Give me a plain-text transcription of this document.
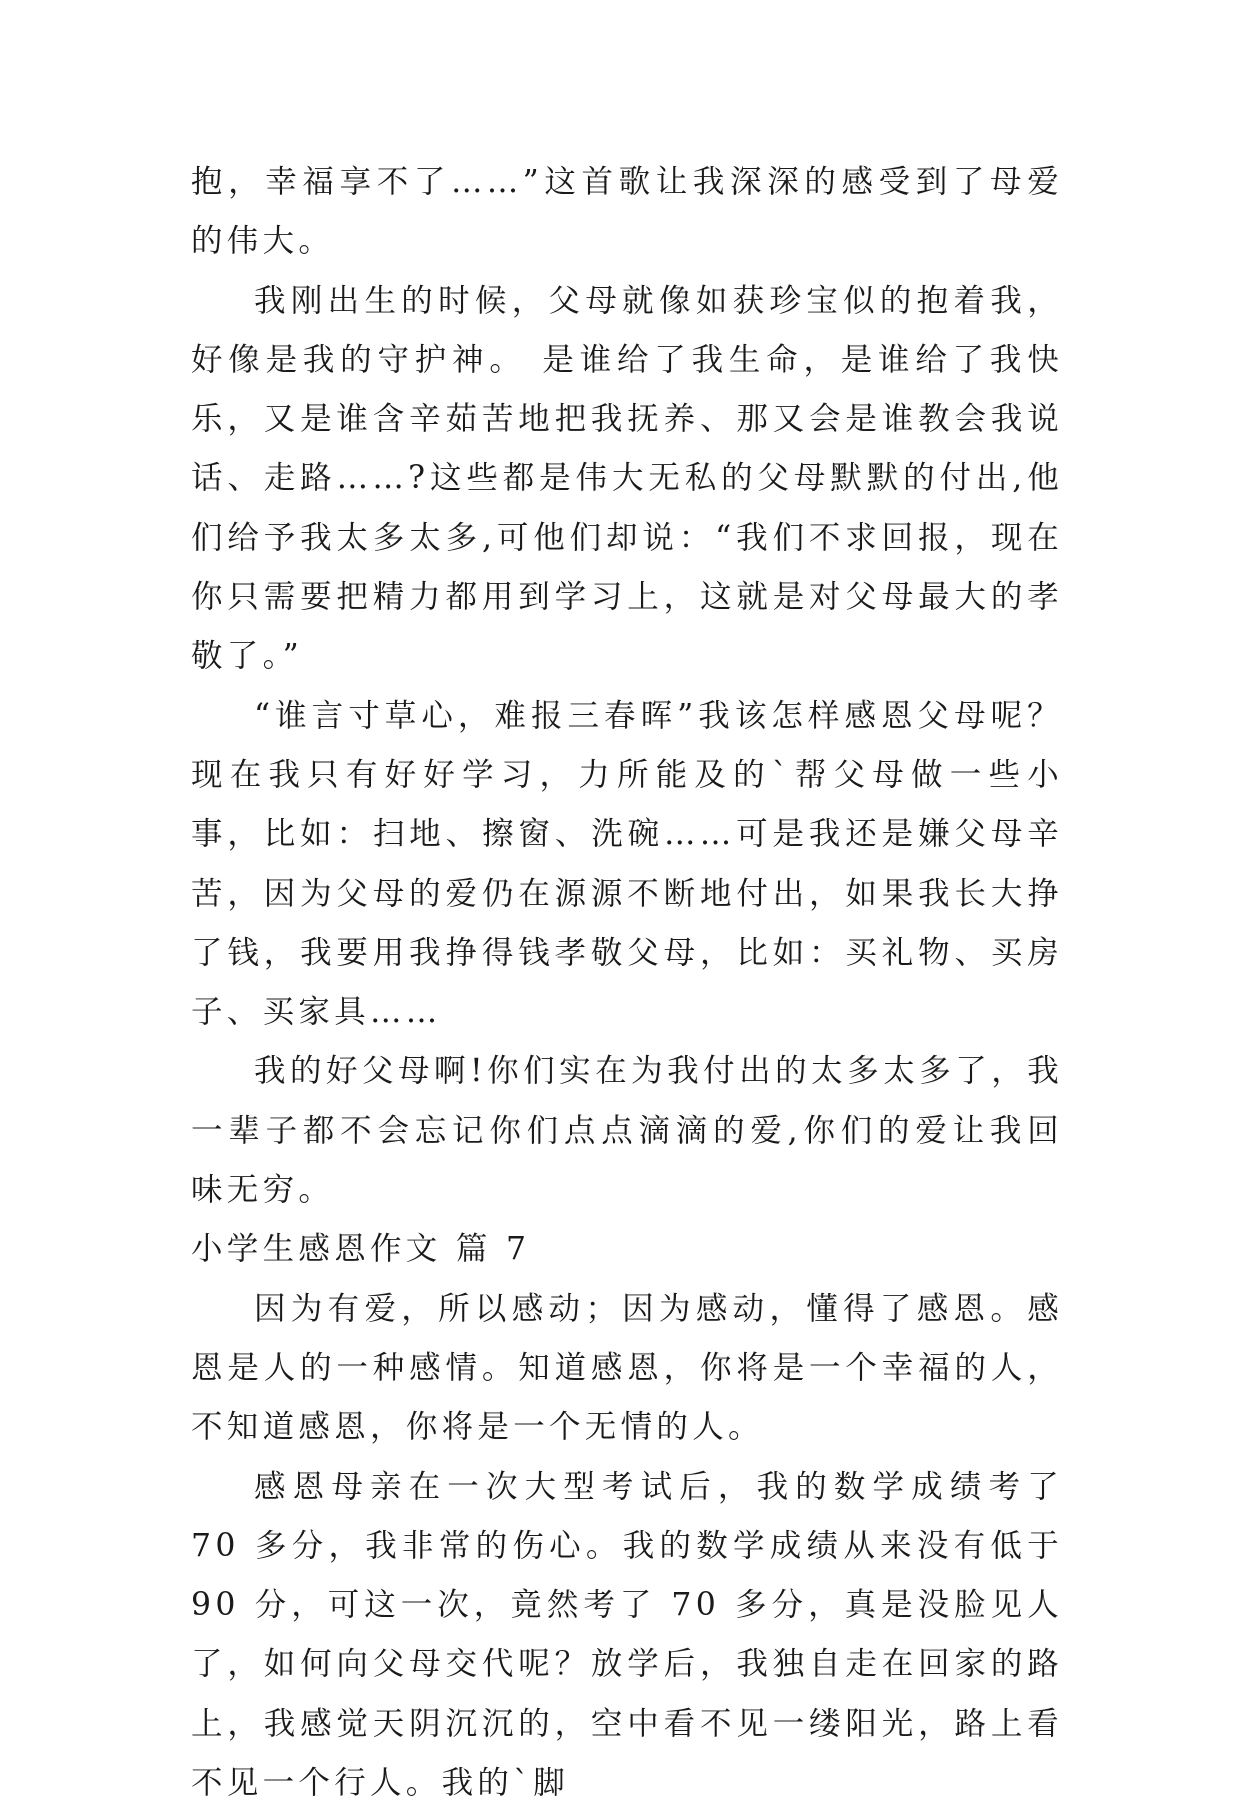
抱，幸福享不了……”这首歌让我深深的感受到了母爱的伟大。

我刚出生的时候，父母就像如获珍宝似的抱着我，好像是我的守护神。 是谁给了我生命，是谁给了我快乐，又是谁含辛茹苦地把我抚养、那又会是谁教会我说话、走路……?这些都是伟大无私的父母默默的付出,他们给予我太多太多,可他们却说：“我们不求回报，现在你只需要把精力都用到学习上，这就是对父母最大的孝敬了。”

“谁言寸草心，难报三春晖”我该怎样感恩父母呢？现在我只有好好学习，力所能及的`帮父母做一些小事，比如：扫地、擦窗、洗碗……可是我还是嫌父母辛苦，因为父母的爱仍在源源不断地付出，如果我长大挣了钱，我要用我挣得钱孝敬父母，比如：买礼物、买房子、买家具……

我的好父母啊!你们实在为我付出的太多太多了，我一辈子都不会忘记你们点点滴滴的爱,你们的爱让我回味无穷。

小学生感恩作文 篇 7

因为有爱，所以感动；因为感动，懂得了感恩。感恩是人的一种感情。知道感恩，你将是一个幸福的人，不知道感恩，你将是一个无情的人。

感恩母亲在一次大型考试后，我的数学成绩考了 70 多分，我非常的伤心。我的数学成绩从来没有低于 90 分，可这一次，竟然考了 70 多分，真是没脸见人了，如何向父母交代呢？放学后，我独自走在回家的路上，我感觉天阴沉沉的，空中看不见一缕阳光，路上看不见一个行人。我的`脚
